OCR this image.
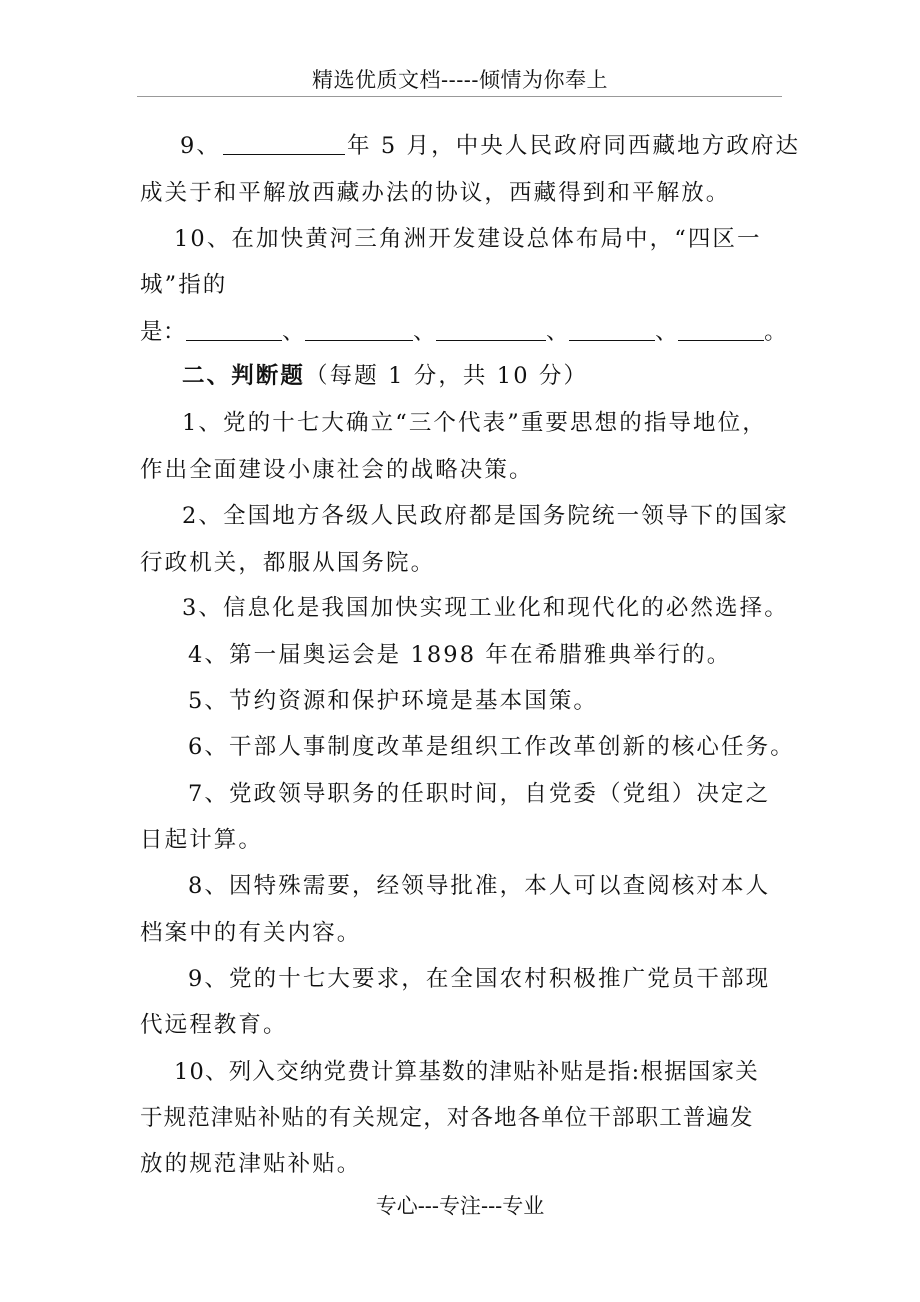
精选优质文档-----倾情为你奉上
9、	年 5 月，中央人民政府同西藏地方政府达
成关于和平解放西藏办法的协议，西藏得到和平解放。
10、在加快黄河三角洲开发建设总体布局中，“四区一
城”指的
是：	、	、	、	、	。
二、判断题（每题 1 分，共 10 分）
1、党的十七大确立“三个代表”重要思想的指导地位，
作出全面建设小康社会的战略决策。
2、全国地方各级人民政府都是国务院统一领导下的国家
行政机关，都服从国务院。
3、信息化是我国加快实现工业化和现代化的必然选择。
4、第一届奥运会是 1898 年在希腊雅典举行的。
5、节约资源和保护环境是基本国策。
6、干部人事制度改革是组织工作改革创新的核心任务。
7、党政领导职务的任职时间，自党委（党组）决定之
日起计算。
8、因特殊需要，经领导批准，本人可以查阅核对本人
档案中的有关内容。
9、党的十七大要求，在全国农村积极推广党员干部现
代远程教育。
10、列入交纳党费计算基数的津贴补贴是指:根据国家关
于规范津贴补贴的有关规定，对各地各单位干部职工普遍发
放的规范津贴补贴。
专心---专注---专业
